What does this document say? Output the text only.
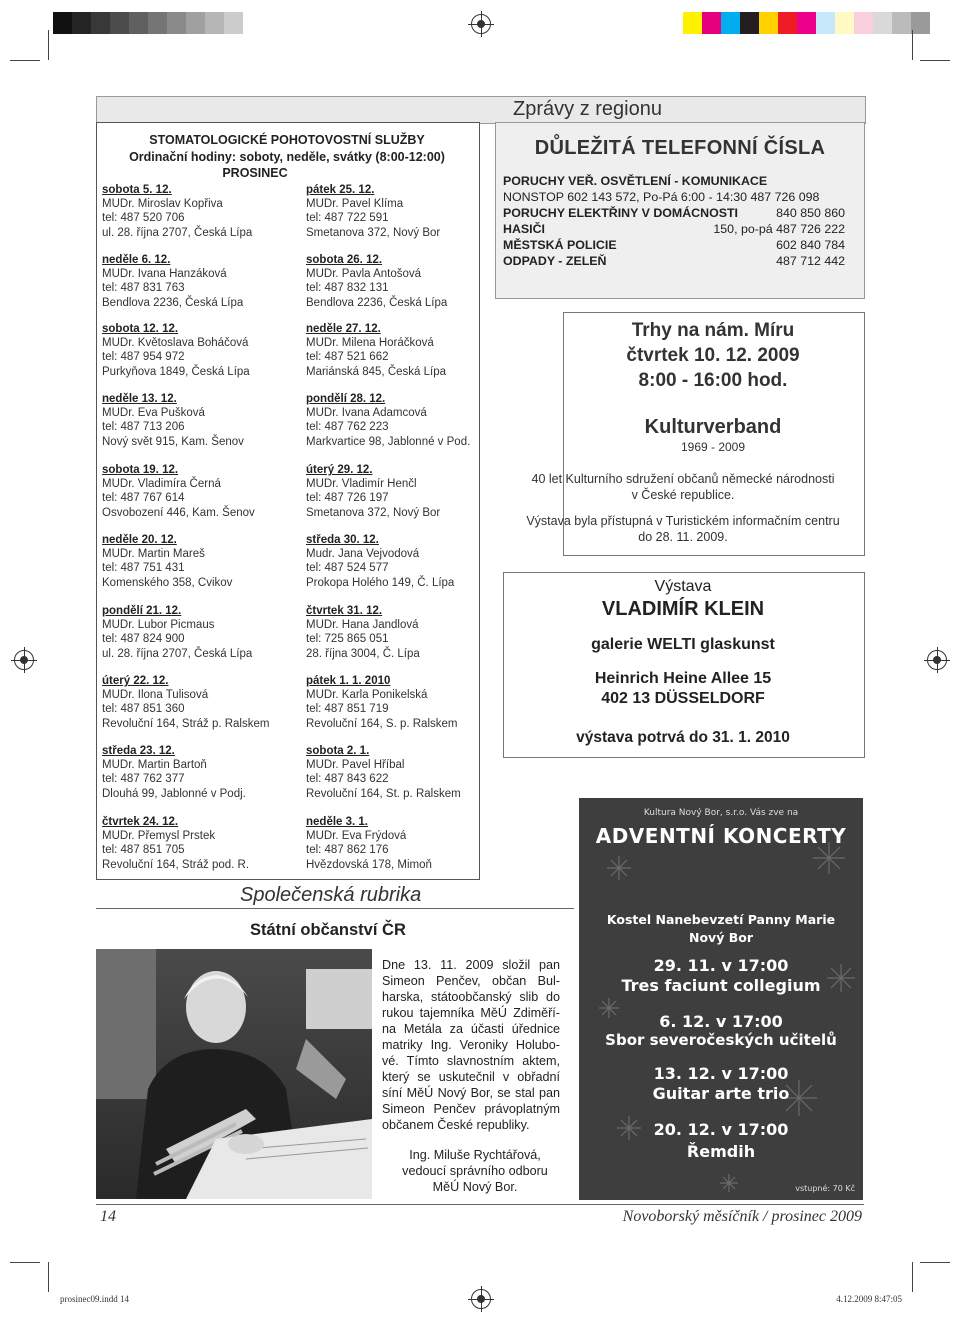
Zprávy z regionu
STOMATOLOGICKÉ POHOTOVOSTNÍ SLUŽBY
Ordinační hodiny: soboty, neděle, svátky (8:00-12:00)
PROSINEC
sobota 5. 12.
MUDr. Miroslav Kopřiva
tel: 487 520 706
ul. 28. října 2707, Česká Lípa
neděle 6. 12.
MUDr. Ivana Hanzáková
tel: 487 831 763
Bendlova 2236, Česká Lípa
sobota 12. 12.
MUDr. Květoslava Boháčová
tel: 487 954 972
Purkyňova 1849, Česká Lípa
neděle 13. 12.
MUDr. Eva Pušková
tel: 487 713 206
Nový svět 915, Kam. Šenov
sobota 19. 12.
MUDr. Vladimíra Černá
tel: 487 767 614
Osvobození 446, Kam. Šenov
neděle 20. 12.
MUDr. Martin Mareš
tel: 487 751 431
Komenského 358, Cvikov
pondělí 21. 12.
MUDr. Lubor Picmaus
tel: 487 824 900
ul. 28. října 2707, Česká Lípa
úterý 22. 12.
MUDr. Ilona Tulisová
tel: 487 851 360
Revoluční 164, Stráž p. Ralskem
středa 23. 12.
MUDr. Martin Bartoň
tel: 487 762 377
Dlouhá 99, Jablonné v Podj.
čtvrtek 24. 12.
MUDr. Přemysl Prstek
tel: 487 851 705
Revoluční 164, Stráž pod. R.
pátek 25. 12.
MUDr. Pavel Klíma
tel: 487 722 591
Smetanova 372, Nový Bor
sobota 26. 12.
MUDr. Pavla Antošová
tel: 487 832 131
Bendlova 2236, Česká Lípa
neděle 27. 12.
MUDr. Milena Horáčková
tel: 487 521 662
Mariánská 845, Česká Lípa
pondělí 28. 12.
MUDr. Ivana Adamcová
tel: 487 762 223
Markvartice 98, Jablonné v Pod.
úterý 29. 12.
MUDr. Vladimír Henčl
tel: 487 726 197
Smetanova 372, Nový Bor
středa 30. 12.
Mudr. Jana Vejvodová
tel: 487 524 577
Prokopa Holého 149, Č. Lípa
čtvrtek 31. 12.
MUDr. Hana Jandlová
tel: 725 865 051
28. října 3004, Č. Lípa
pátek 1. 1. 2010
MUDr. Karla Ponikelská
tel: 487 851 719
Revoluční 164, S. p. Ralskem
sobota 2. 1.
MUDr. Pavel Hříbal
tel: 487 843 622
Revoluční 164, St. p. Ralskem
neděle 3. 1.
MUDr. Eva Frýdová
tel: 487 862 176
Hvězdovská 178, Mimoň
DŮLEŽITÁ TELEFONNÍ ČÍSLA
PORUCHY VEŘ. OSVĚTLENÍ - KOMUNIKACE
NONSTOP 602 143 572, Po-Pá 6:00 - 14:30 487 726 098
PORUCHY ELEKTŘINY V DOMÁCNOSTI	840 850 860
HASIČI	150, po-pá 487 726 222
MĚSTSKÁ POLICIE	602 840 784
ODPADY - ZELEŇ	487 712 442
Trhy na nám. Míru
čtvrtek 10. 12. 2009
8:00 - 16:00 hod.
Kulturverband
1969 - 2009
40 let Kulturního sdružení občanů německé národnosti
v České republice.
Výstava byla přístupná v Turistickém informačním centru
do 28. 11. 2009.
Výstava
VLADIMÍR KLEIN
galerie WELTI glaskunst
Heinrich Heine Allee 15
402 13 DÜSSELDORF
výstava potrvá do 31. 1. 2010
Kultura Nový Bor, s.r.o. Vás zve na
ADVENTNÍ KONCERTY
Kostel Nanebevzetí Panny Marie
Nový Bor
29. 11. v 17:00
Tres faciunt collegium
6. 12. v 17:00
Sbor severočeských učitelů
13. 12. v 17:00
Guitar arte trio
20. 12. v 17:00
Řemdih
vstupné: 70 Kč
Společenská rubrika
Státní občanství ČR
Dne 13. 11. 2009 složil pan
Simeon Penčev, občan Bul-
harska, státoobčanský slib do
rukou tajemníka MěÚ Zdiměří-
na Metála za účasti úřednice
matriky Ing. Veroniky Holubo-
vé. Tímto slavnostním aktem,
který se uskutečnil v obřadní
síní MěÚ Nový Bor, se stal pan
Simeon Penčev právoplatným
občanem České republiky.
Ing. Miluše Rychtářová,
vedoucí správního odboru
MěÚ Nový Bor.
14	Novoborský měsíčník / prosinec 2009
prosinec09.indd 14	4.12.2009 8:47:05
